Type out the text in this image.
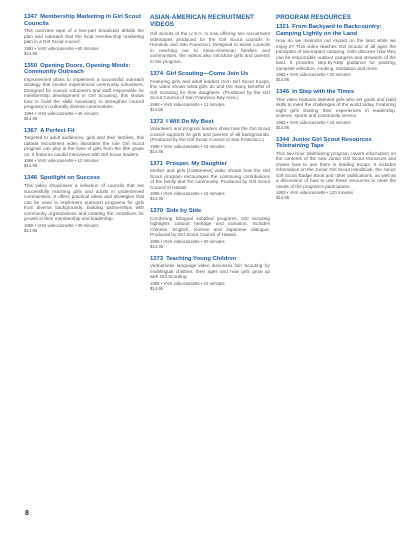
1347 Membership Marketing in Girl Scout Councils

This overview tape of a two-part broadcast details the plan and outreach that the local membership marketing plan in a Girl Scout council.

1993 • VHS videocassette • 60 minutes

$14.95

1350 Opening Doors, Opening Minds: Community Outreach

Improvement plans to implement a successful outreach strategy that involve experienced community volunteers. Designed for council volunteers and staff responsible for membership development in Girl Scouting, this shows how to build the skills necessary to strengthen council programs in culturally diverse communities.

1994 • VHS videocassette • 45 minutes

$14.95

1367 A Perfect Fit

Targeted to adult audiences, girls and their families, this upbeat recruitment video illustrates the role Girl Scout program can play in the lives of girls from the fifth grade on. It features candid interviews with Girl Scout leaders.

1996 • VHS videocassette • 12 minutes

$14.95

1346 Spotlight on Success

This video showcases a selection of councils that are successfully reaching girls and adults in underserved communities. It offers practical ideas and strategies that can be used to implement outreach programs for girls from diverse backgrounds, building partnerships with community organizations and creating the conditions for growth in their membership and leadership.

1995 • VHS videocassette • 30 minutes

$14.95

ASIAN-AMERICAN RECRUITMENT VIDEOS

Girl Scouts of the U.S.A. is now offering two recruitment videotapes produced for the Girl Scout councils in Honolulu and San Francisco. Designed to assist councils in reaching out to Asian-American families and communities, the videos also introduce girls and parents to the program.

1374 Girl Scouting—Come Join Us

Featuring girls and adult leaders from Girl Scout troops, this video shows what girls do and the many benefits of Girl Scouting for their daughters. (Produced by the Girl Scout Council of San Francisco Bay Area.)

1996 • VHS videocassette • 12 minutes

$14.95

1372 I Will Do My Best

Volunteers and program leaders show how the Girl Scout council supports its girls and parents of all backgrounds. (Produced by the Girl Scout Council of San Francisco.)

1996 • VHS videocassette • 15 minutes

$14.95

1371 Prosper, My Daughter

Mother and girls [Cantonese] video shows how the Girl Scout program encourages the continuing contributions of the family and the community. Produced by Girl Scout Council of Hawaii.

1995 • VHS videocassette • 15 minutes

$14.95

1370 Side by Side

Combining bilingual subtitled programs, Girl Scouting highlights cultural heritage and inclusion. Includes Chinese, English, Korean and Japanese dialogue. Produced by Girl Scout Council of Hawaii.

1995 • VHS videocassette • 20 minutes

$14.95

1373 Teaching Young Children

Vietnamese language video discusses Girl Scouting for multilingual children, their ages and how girls grow up with Girl Scouting.

1995 • VHS videocassette • 10 minutes

$14.95

PROGRAM RESOURCES
1321 From Backyard to Backcountry: Camping Lightly on the Land

How do we minimize our impact on the land while we enjoy it? This video teaches Girl Scouts of all ages the principles of low-impact camping. Girls discover how they can be responsible outdoor campers and stewards of the land. It provides step-by-step guidance for packing, campsite selection, cooking, sanitation and more.

1993 • VHS videocassette • 20 minutes

$14.95

1346 In Step with the Times

This video features talented girls who set goals and build skills to meet the challenges of the world today. Featuring eight girls sharing their experiences in leadership, science, sports and community service.

1993 • VHS videocassette • 15 minutes

$14.95

1344 Junior Girl Scout Resources Teletraining Tape

This two-hour teletraining program covers information on the contents of the new Junior Girl Scout resources and shows how to use them in leading troops. It includes information on the Junior Girl Scout Handbook, the Junior Girl Scout Badge Book and other publications, as well as a discussion of how to use these resources to meet the needs of the program's participants.

1993 • VHS videocassette • 120 minutes

$14.95

8
